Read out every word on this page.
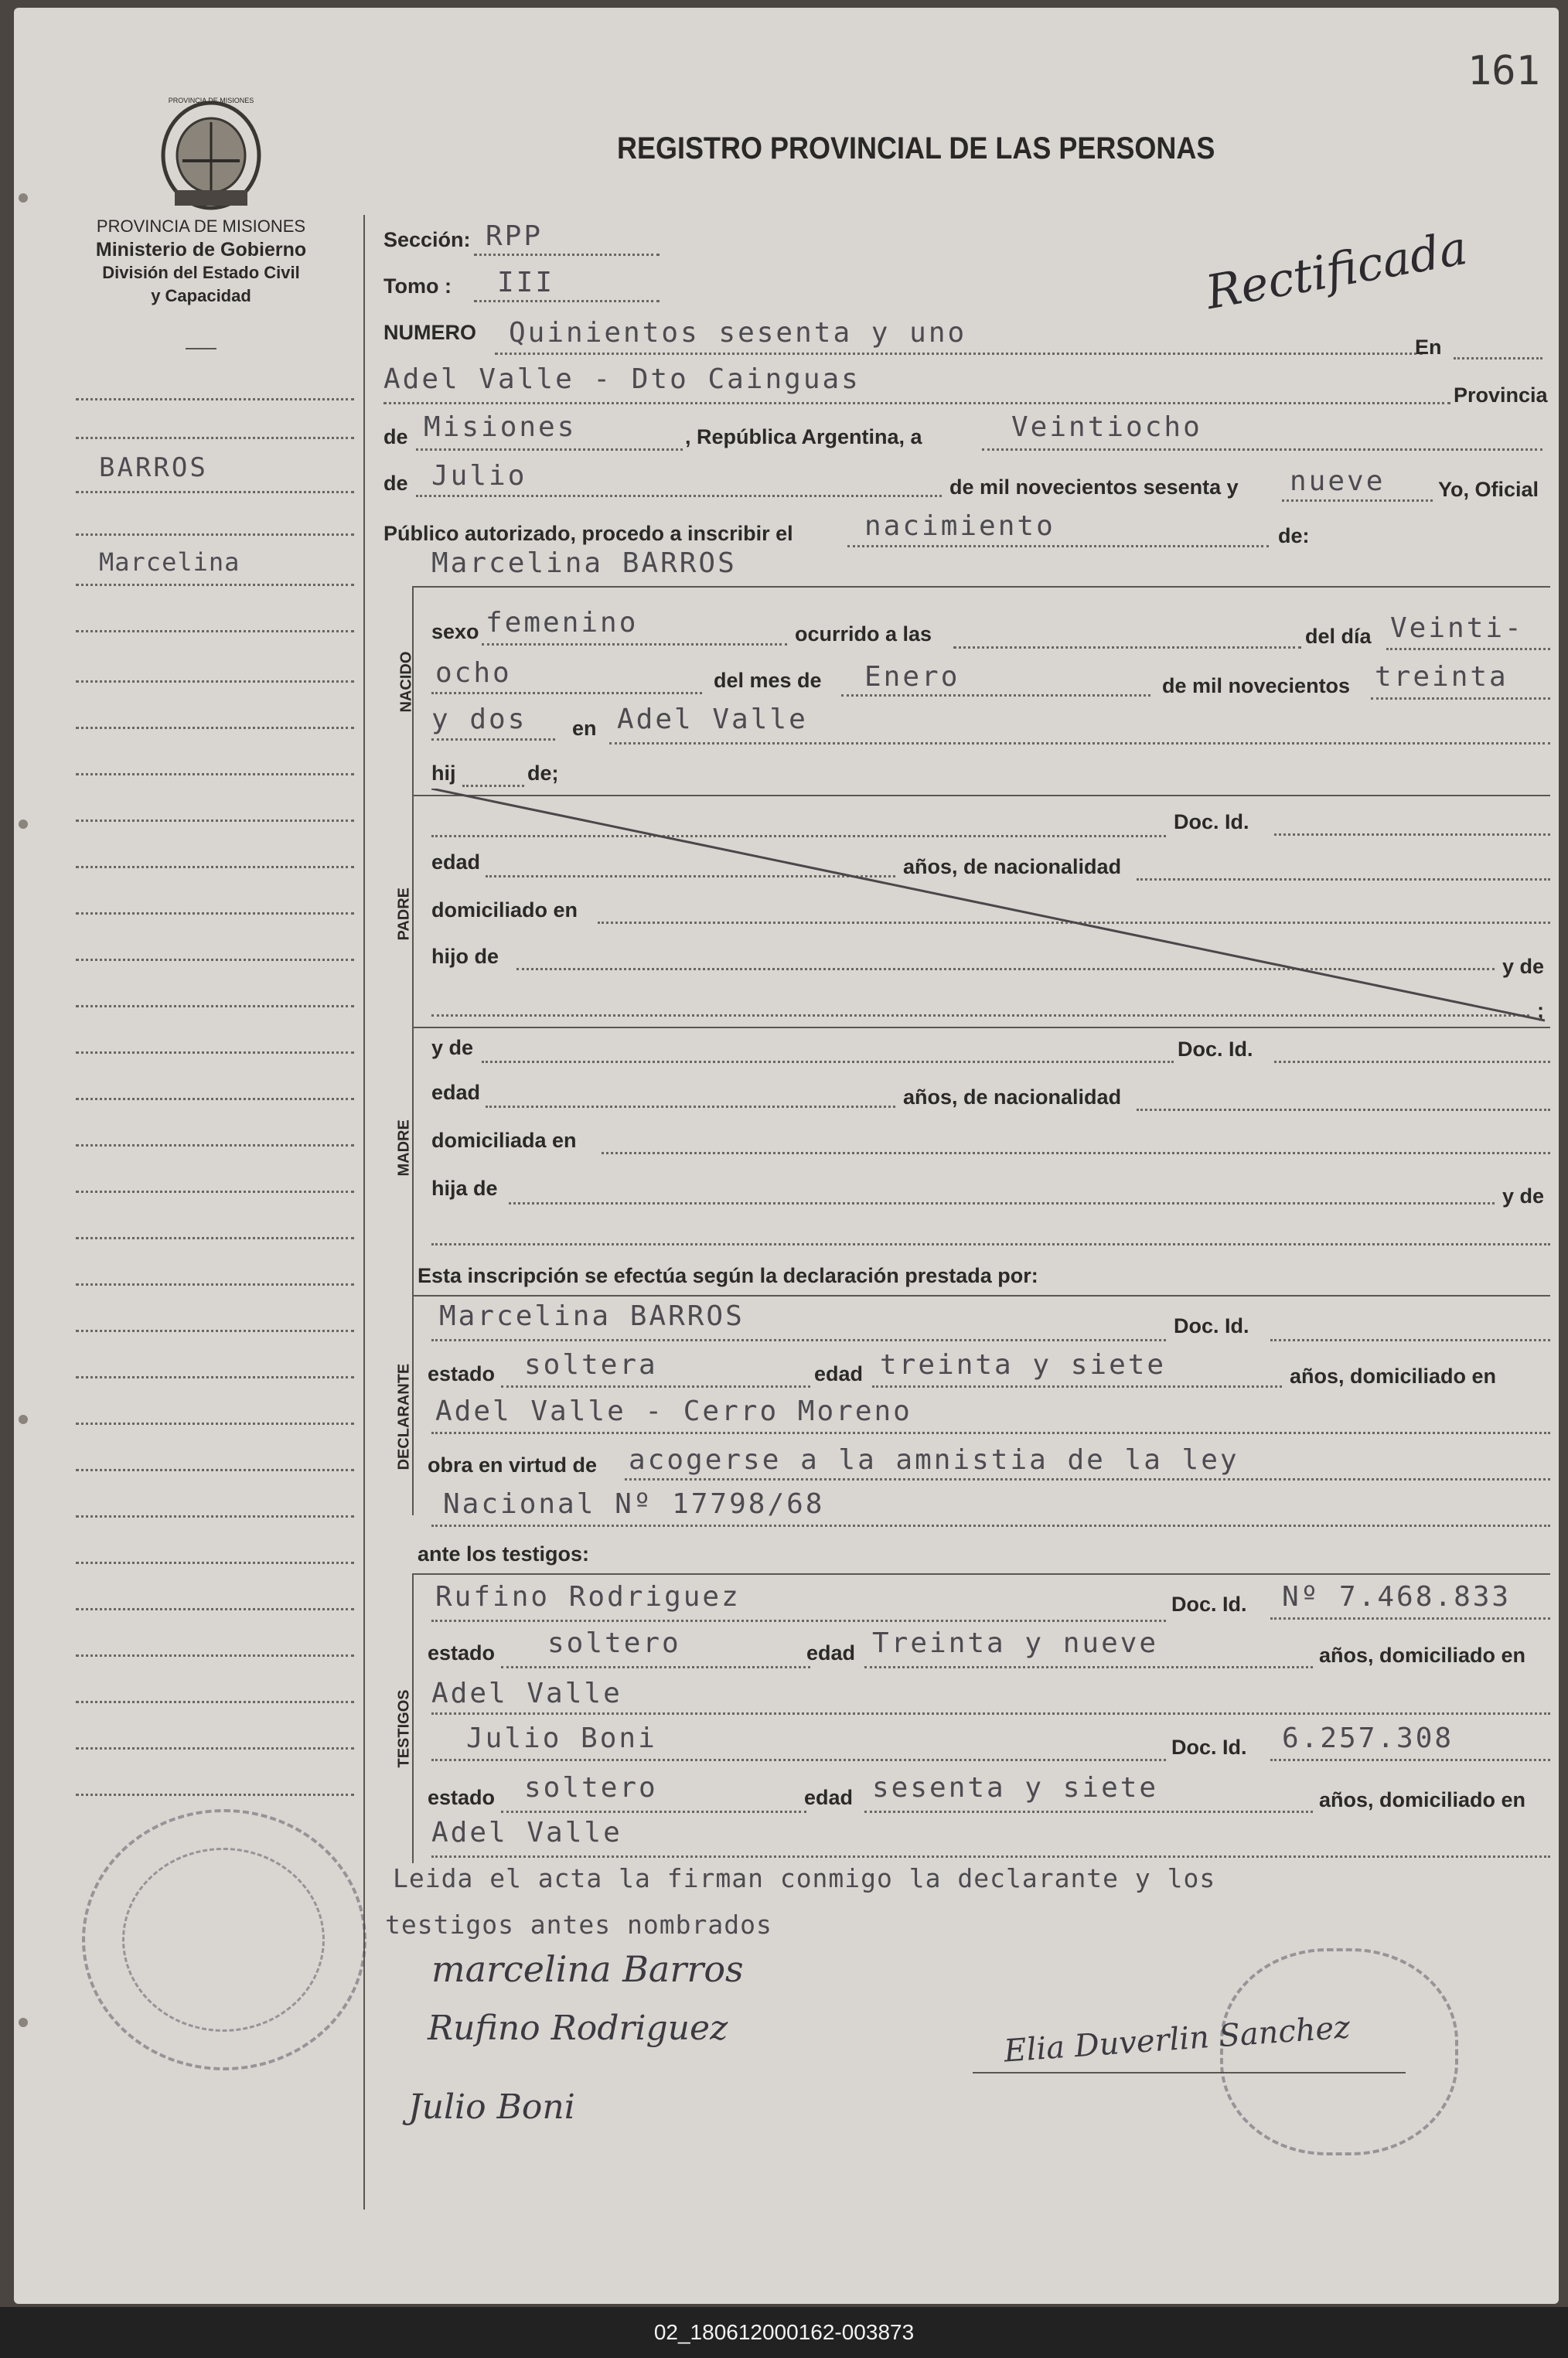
161
PROVINCIA DE MISIONES
PROVINCIA DE MISIONES
Ministerio de Gobierno
División del Estado Civil
y Capacidad
REGISTRO PROVINCIAL DE LAS PERSONAS
Rectificada
BARROS
Marcelina
Sección: RPP
Tomo : III
NUMERO Quinientos sesenta y uno	En
Adel Valle - Dto Cainguas	Provincia
de Misiones	, República Argentina, a	Veintiocho
de Julio	de mil novecientos sesenta y nueve	Yo, Oficial
Público autorizado, procedo a inscribir el	nacimiento	de:
NACIDO
Marcelina BARROS
sexo femenino	ocurrido a las	del día Veinti-
ocho	del mes de Enero	de mil novecientos treinta
y dos en Adel Valle
hij	de;
PADRE
Doc. Id.
edad	años, de nacionalidad
domiciliado en
hijo de	y de
;
MADRE
y de	Doc. Id.
edad	años, de nacionalidad
domiciliada en
hija de	y de
Esta inscripción se efectúa según la declaración prestada por:
DECLARANTE
Marcelina BARROS	Doc. Id.
estado soltera	edad treinta y siete	años, domiciliado en
Adel Valle - Cerro Moreno
obra en virtud de acogerse a la amnistia de la ley
Nacional Nº 17798/68
ante los testigos:
TESTIGOS
Rufino Rodriguez	Doc. Id. Nº 7.468.833
estado soltero	edad Treinta y nueve	años, domiciliado en
Adel Valle
Julio Boni	Doc. Id. 6.257.308
estado soltero	edad sesenta y siete	años, domiciliado en
Adel Valle
Leida el acta la firman conmigo la declarante y los
testigos antes nombrados
marcelina Barros
Rufino Rodriguez
Julio Boni
Elia Duverlin Sanchez
02_180612000162-003873
